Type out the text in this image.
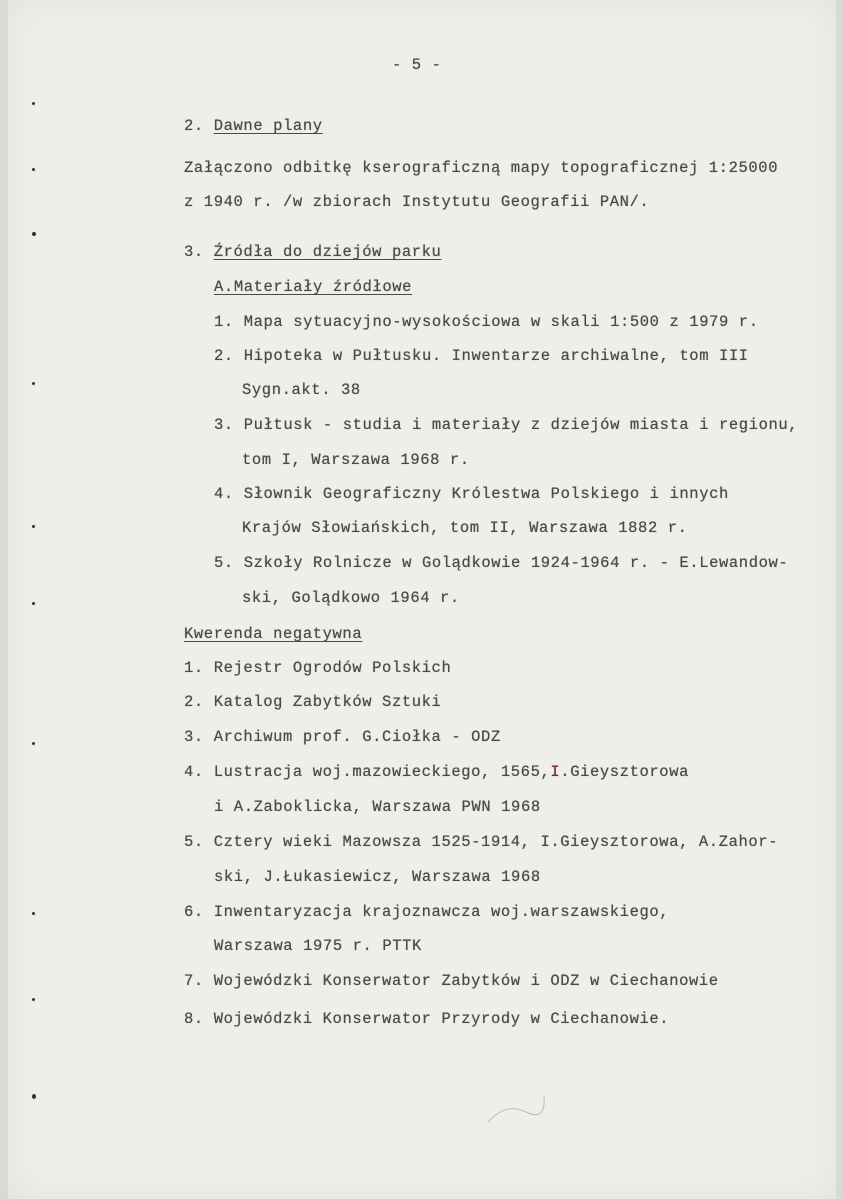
- 5 -
2. Dawne plany
Załączono odbitkę kserograficzną mapy topograficznej 1:25000
z 1940 r. /w zbiorach Instytutu Geografii PAN/.
3. Źródła do dziejów parku
A.Materiały źródłowe
1. Mapa sytuacyjno-wysokościowa w skali 1:500 z 1979 r.
2. Hipoteka w Pułtusku. Inwentarze archiwalne, tom III
Sygn.akt. 38
3. Pułtusk - studia i materiały z dziejów miasta i regionu,
tom I, Warszawa 1968 r.
4. Słownik Geograficzny Królestwa Polskiego i innych
Krajów Słowiańskich, tom II, Warszawa 1882 r.
5. Szkoły Rolnicze w Golądkowie 1924-1964 r. - E.Lewandow-
ski, Golądkowo 1964 r.
Kwerenda negatywna
1. Rejestr Ogrodów Polskich
2. Katalog Zabytków Sztuki
3. Archiwum prof. G.Ciołka - ODZ
4. Lustracja woj.mazowieckiego, 1565,I.Gieysztorowa
i A.Zaboklicka, Warszawa PWN 1968
5. Cztery wieki Mazowsza 1525-1914, I.Gieysztorowa, A.Zahor-
ski, J.Łukasiewicz, Warszawa 1968
6. Inwentaryzacja krajoznawcza woj.warszawskiego,
Warszawa 1975 r. PTTK
7. Wojewódzki Konserwator Zabytków i ODZ w Ciechanowie
8. Wojewódzki Konserwator Przyrody w Ciechanowie.
